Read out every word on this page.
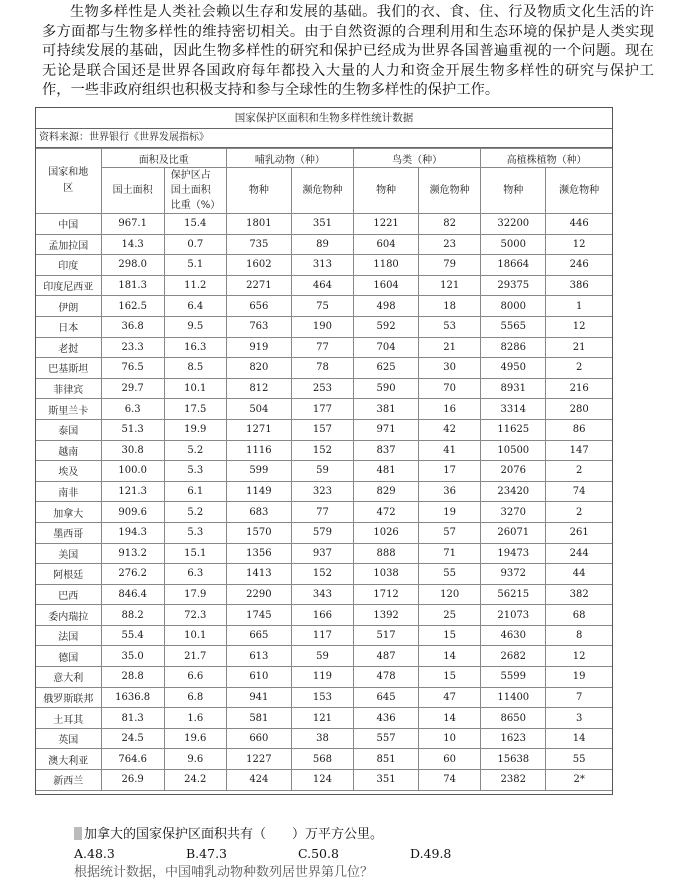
生物多样性是人类社会赖以生存和发展的基础。我们的衣、食、住、行及物质文化生活的许多方面都与生物多样性的维持密切相关。由于自然资源的合理利用和生态环境的保护是人类实现可持续发展的基础，因此生物多样性的研究和保护已经成为世界各国普遍重视的一个问题。现在无论是联合国还是世界各国政府每年都投入大量的人力和资金开展生物多样性的研究与保护工作，一些非政府组织也积极支持和参与全球性的生物多样性的保护工作。

国家保护区面积和生物多样性统计数据
资料来源：世界银行《世界发展指标》
国家和地区	面积及比重		哺乳动物（种）		鸟类（种）		高植株植物（种）	
	国土面积	保护区占国土面积比重（%）	物种	濒危物种	物种	濒危物种	物种	濒危物种
中国	967.1	15.4	1801	351	1221	82	32200	446
孟加拉国	14.3	0.7	735	89	604	23	5000	12
印度	298.0	5.1	1602	313	1180	79	18664	246
印度尼西亚	181.3	11.2	2271	464	1604	121	29375	386
伊朗	162.5	6.4	656	75	498	18	8000	1
日本	36.8	9.5	763	190	592	53	5565	12
老挝	23.3	16.3	919	77	704	21	8286	21
巴基斯坦	76.5	8.5	820	78	625	30	4950	2
菲律宾	29.7	10.1	812	253	590	70	8931	216
斯里兰卡	6.3	17.5	504	177	381	16	3314	280
泰国	51.3	19.9	1271	157	971	42	11625	86
越南	30.8	5.2	1116	152	837	41	10500	147
埃及	100.0	5.3	599	59	481	17	2076	2
南非	121.3	6.1	1149	323	829	36	23420	74
加拿大	909.6	5.2	683	77	472	19	3270	2
墨西哥	194.3	5.3	1570	579	1026	57	26071	261
美国	913.2	15.1	1356	937	888	71	19473	244
阿根廷	276.2	6.3	1413	152	1038	55	9372	44
巴西	846.4	17.9	2290	343	1712	120	56215	382
委内瑞拉	88.2	72.3	1745	166	1392	25	21073	68
法国	55.4	10.1	665	117	517	15	4630	8
德国	35.0	21.7	613	59	487	14	2682	12
意大利	28.8	6.6	610	119	478	15	5599	19
俄罗斯联邦	1636.8	6.8	941	153	645	47	11400	7
土耳其	81.3	1.6	581	121	436	14	8650	3
英国	24.5	19.6	660	38	557	10	1623	14
澳大利亚	764.6	9.6	1227	568	851	60	15638	55
新西兰	26.9	24.2	424	124	351	74	2382	2*

加拿大的国家保护区面积共有（　　）万平方公里。

A.48.3	B.47.3	C.50.8	D.49.8
根据统计数据，中国哺乳动物种数列居世界第几位？
